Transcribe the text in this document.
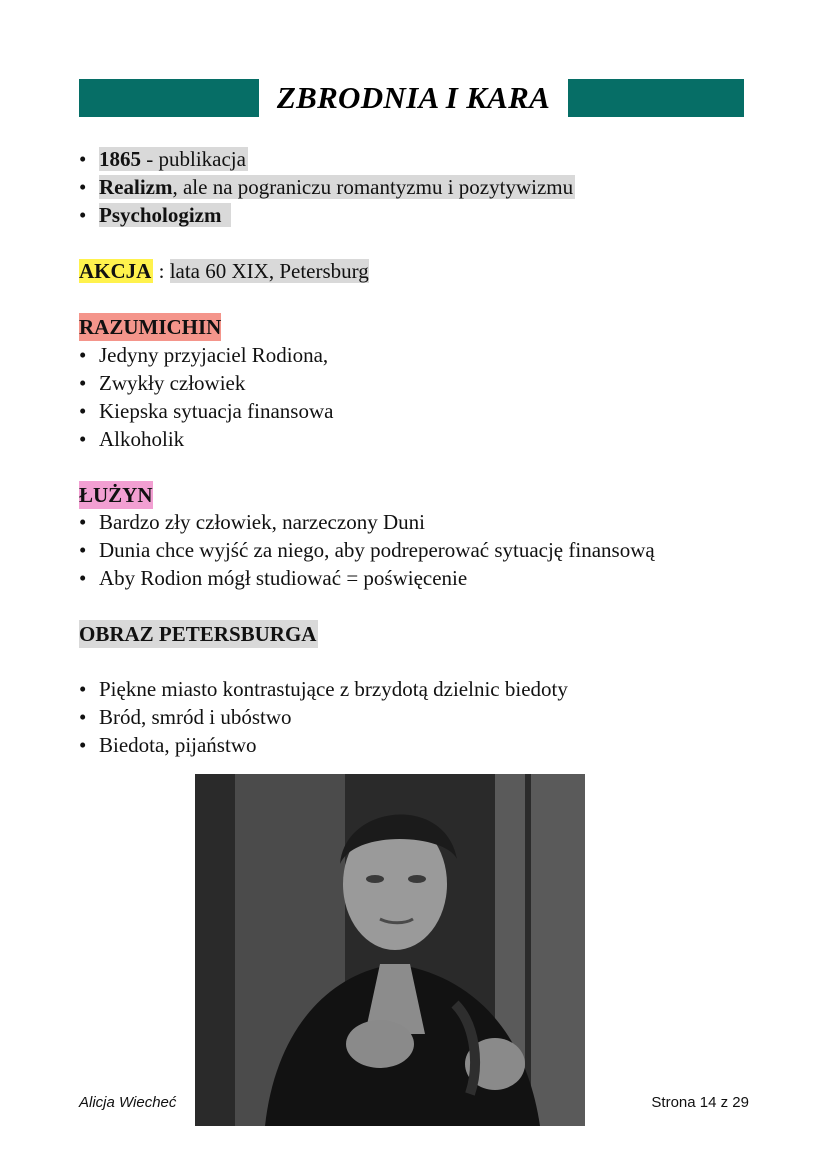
ZBRODNIA I KARA
• 1865 - publikacja
• Realizm, ale na pograniczu romantyzmu i pozytywizmu
• Psychologizm
AKCJA : lata 60 XIX, Petersburg
RAZUMICHIN
• Jedyny przyjaciel Rodiona,
• Zwykły człowiek
• Kiepska sytuacja finansowa
• Alkoholik
ŁUŻYN
• Bardzo zły człowiek, narzeczony Duni
• Dunia chce wyjść za niego, aby podreperować sytuację finansową
• Aby Rodion mógł studiować = poświęcenie
OBRAZ PETERSBURGA
• Piękne miasto kontrastujące z brzydotą dzielnic biedoty
• Bród, smród i ubóstwo
• Biedota, pijaństwo
Alicja Wiecheć	Strona 14 z 29
